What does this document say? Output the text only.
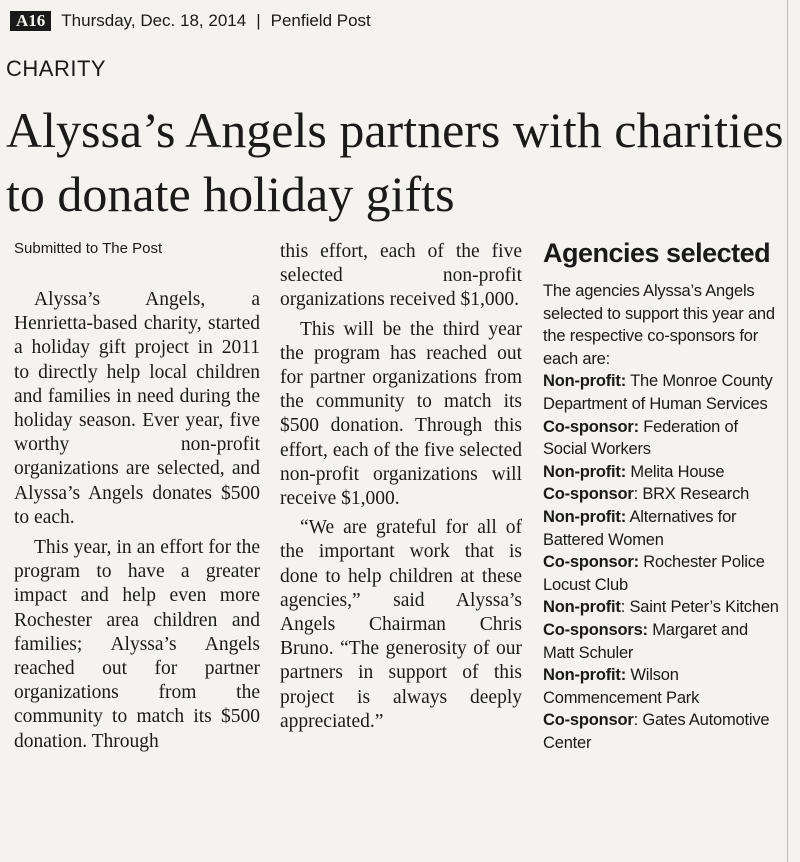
A16 Thursday, Dec. 18, 2014 | Penfield Post
CHARITY
Alyssa’s Angels partners with charities to donate holiday gifts
Submitted to The Post

Alyssa’s Angels, a Henrietta-based charity, started a holiday gift project in 2011 to directly help local children and families in need during the holiday season. Ever year, five worthy non-profit organizations are selected, and Alyssa’s Angels donates $500 to each.

This year, in an effort for the program to have a greater impact and help even more Rochester area children and families; Alyssa’s Angels reached out for partner organizations from the community to match its $500 donation. Through

this effort, each of the five selected non-profit organizations received $1,000.

This will be the third year the program has reached out for partner organizations from the community to match its $500 donation. Through this effort, each of the five selected non-profit organizations will receive $1,000.

“We are grateful for all of the important work that is done to help children at these agencies,” said Alyssa’s Angels Chairman Chris Bruno. “The generosity of our partners in support of this project is always deeply appreciated.”

Agencies selected
The agencies Alyssa’s Angels selected to support this year and the respective co-sponsors for each are:
Non-profit: The Monroe County Department of Human Services
Co-sponsor: Federation of Social Workers
Non-profit: Melita House
Co-sponsor: BRX Research
Non-profit: Alternatives for Battered Women
Co-sponsor: Rochester Police Locust Club
Non-profit: Saint Peter’s Kitchen
Co-sponsors: Margaret and Matt Schuler
Non-profit: Wilson Commencement Park
Co-sponsor: Gates Automotive Center
